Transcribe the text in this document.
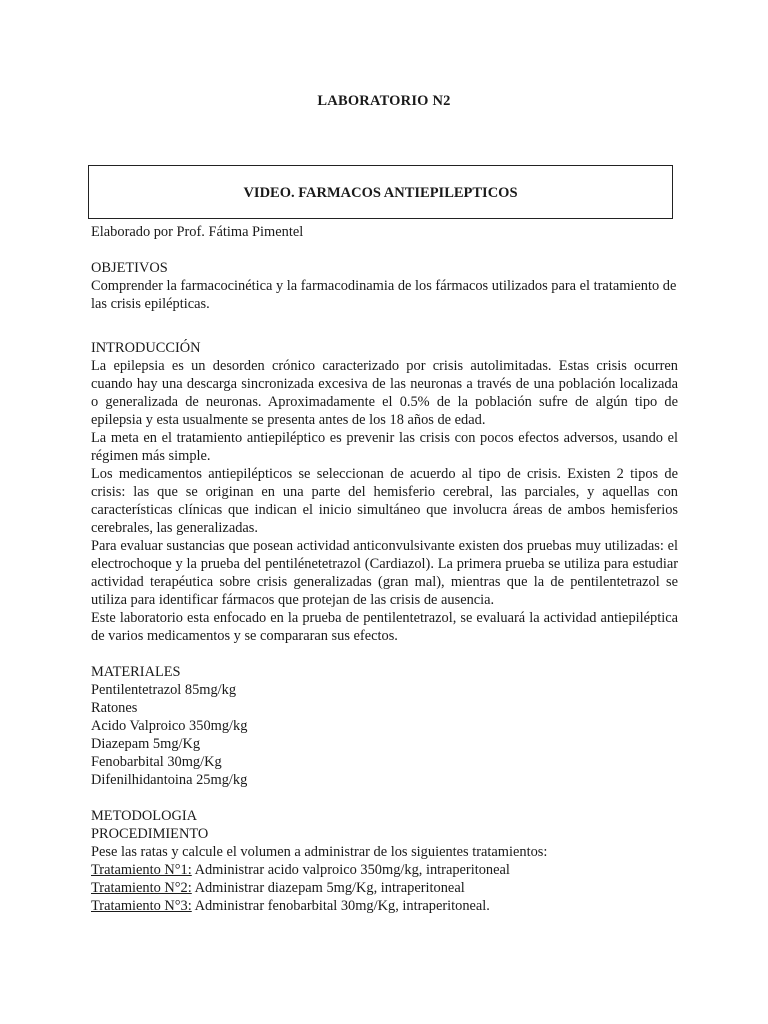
LABORATORIO N2
VIDEO. FARMACOS ANTIEPILEPTICOS

Elaborado por Prof. Fátima Pimentel

OBJETIVOS

Comprender la farmacocinética y la farmacodinamia de los fármacos utilizados para el tratamiento de las crisis epilépticas.

INTRODUCCIÓN

La epilepsia es un desorden crónico caracterizado por crisis autolimitadas. Estas crisis ocurren cuando hay una descarga sincronizada excesiva de las neuronas a través de una población localizada o generalizada de neuronas. Aproximadamente el 0.5% de la población sufre de algún tipo de epilepsia y esta usualmente se presenta antes de los 18 años de edad.

La meta en el tratamiento antiepiléptico es prevenir las crisis con pocos efectos adversos, usando el régimen más simple.

Los medicamentos antiepilépticos se seleccionan de acuerdo al tipo de crisis. Existen 2 tipos de crisis: las que se originan en una parte del hemisferio cerebral, las parciales, y aquellas con características clínicas que indican el inicio simultáneo que involucra áreas de ambos hemisferios cerebrales, las generalizadas.

Para evaluar sustancias que posean actividad anticonvulsivante existen dos pruebas muy utilizadas: el electrochoque y la prueba del pentilénetetrazol (Cardiazol). La primera prueba se utiliza para estudiar actividad terapéutica sobre crisis generalizadas (gran mal), mientras que la de pentilentetrazol se utiliza para identificar fármacos que protejan de las crisis de ausencia.

Este laboratorio esta enfocado en la prueba de pentilentetrazol, se evaluará la actividad antiepiléptica de varios medicamentos y se compararan sus efectos.

MATERIALES

Pentilentetrazol 85mg/kg

Ratones

Acido Valproico 350mg/kg

Diazepam 5mg/Kg

Fenobarbital 30mg/Kg

Difenilhidantoina 25mg/kg

METODOLOGIA

PROCEDIMIENTO

Pese las ratas y calcule el volumen a administrar de los siguientes tratamientos:

Tratamiento N°1: Administrar acido valproico 350mg/kg, intraperitoneal

Tratamiento N°2: Administrar diazepam 5mg/Kg, intraperitoneal

Tratamiento N°3: Administrar fenobarbital 30mg/Kg, intraperitoneal.
